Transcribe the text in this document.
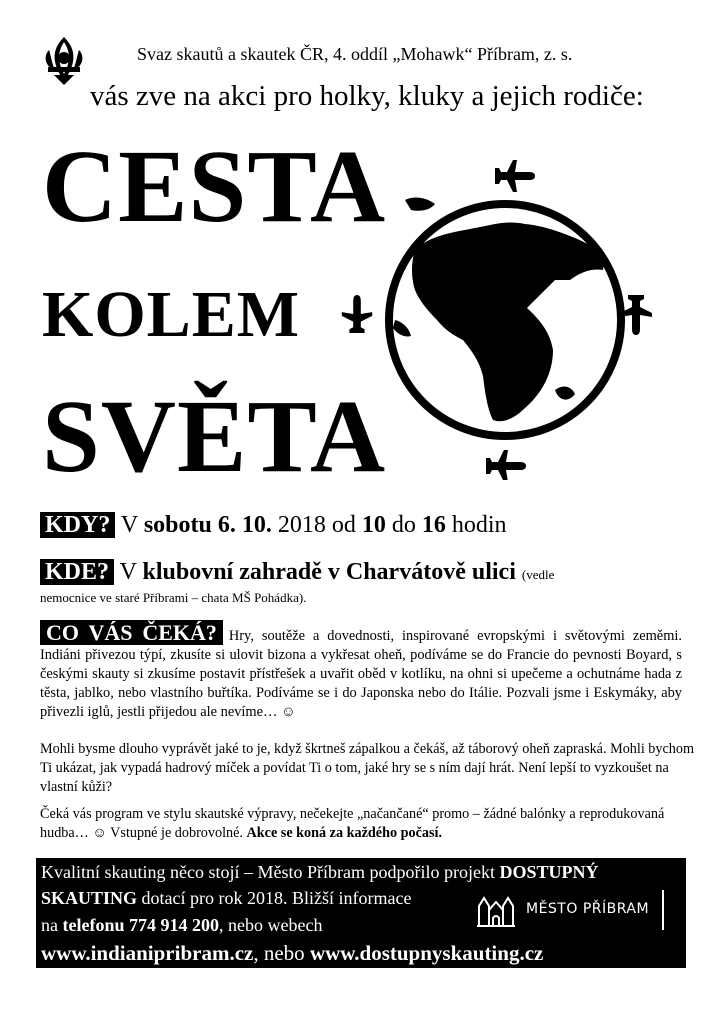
Svaz skautů a skautek ČR, 4. oddíl „Mohawk“ Příbram, z. s.
vás zve na akci pro holky, kluky a jejich rodiče:
CESTA
KOLEM
SVĚTA
KDY? V sobotu 6. 10. 2018 od 10 do 16 hodin
KDE? V klubovní zahradě v Charvátově ulici (vedle
nemocnice ve staré Příbrami – chata MŠ Pohádka).
CO VÁS ČEKÁ? Hry, soutěže a dovednosti, inspirované evropskými i světovými zeměmi. Indiáni přivezou týpí, zkusíte si ulovit bizona a vykřesat oheň, podíváme se do Francie do pevnosti Boyard, s českými skauty si zkusíme postavit přístřešek a uvařit oběd v kotlíku, na ohni si upečeme a ochutnáme hada z těsta, jablko, nebo vlastního buřtíka. Podíváme se i do Japonska nebo do Itálie. Pozvali jsme i Eskymáky, aby přivezli iglů, jestli přijedou ale nevíme… ☺
Mohli bysme dlouho vyprávět jaké to je, když škrtneš zápalkou a čekáš, až táborový oheň zapraská. Mohli bychom Ti ukázat, jak vypadá hadrový míček a povídat Ti o tom, jaké hry se s ním dají hrát. Není lepší to vyzkoušet na vlastní kůži?
Čeká vás program ve stylu skautské výpravy, nečekejte „načančané“ promo – žádné balónky a reprodukovaná hudba… ☺ Vstupné je dobrovolné. Akce se koná za každého počasí.
Kvalitní skauting něco stojí – Město Příbram podpořilo projekt DOSTUPNÝ
SKAUTING dotací pro rok 2018. Bližší informace
na telefonu 774 914 200, nebo webech
www.indianipribram.cz, nebo www.dostupnyskauting.cz
MĚSTO PŘÍBRAM
